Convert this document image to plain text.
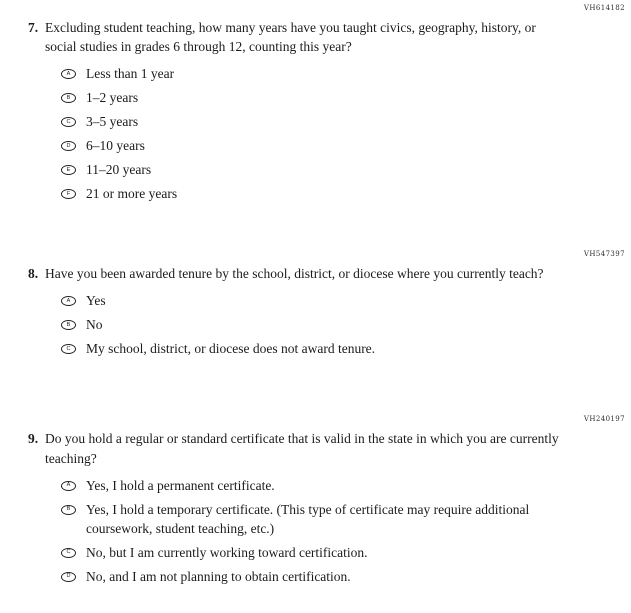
VH614182
7. Excluding student teaching, how many years have you taught civics, geography, history, or social studies in grades 6 through 12, counting this year?
A	Less than 1 year
B	1–2 years
C	3–5 years
D	6–10 years
E	11–20 years
F	21 or more years
VH547397
8. Have you been awarded tenure by the school, district, or diocese where you currently teach?
A	Yes
B	No
C	My school, district, or diocese does not award tenure.
VH240197
9. Do you hold a regular or standard certificate that is valid in the state in which you are currently teaching?
A	Yes, I hold a permanent certificate.
B	Yes, I hold a temporary certificate. (This type of certificate may require additional coursework, student teaching, etc.)
C	No, but I am currently working toward certification.
D	No, and I am not planning to obtain certification.
